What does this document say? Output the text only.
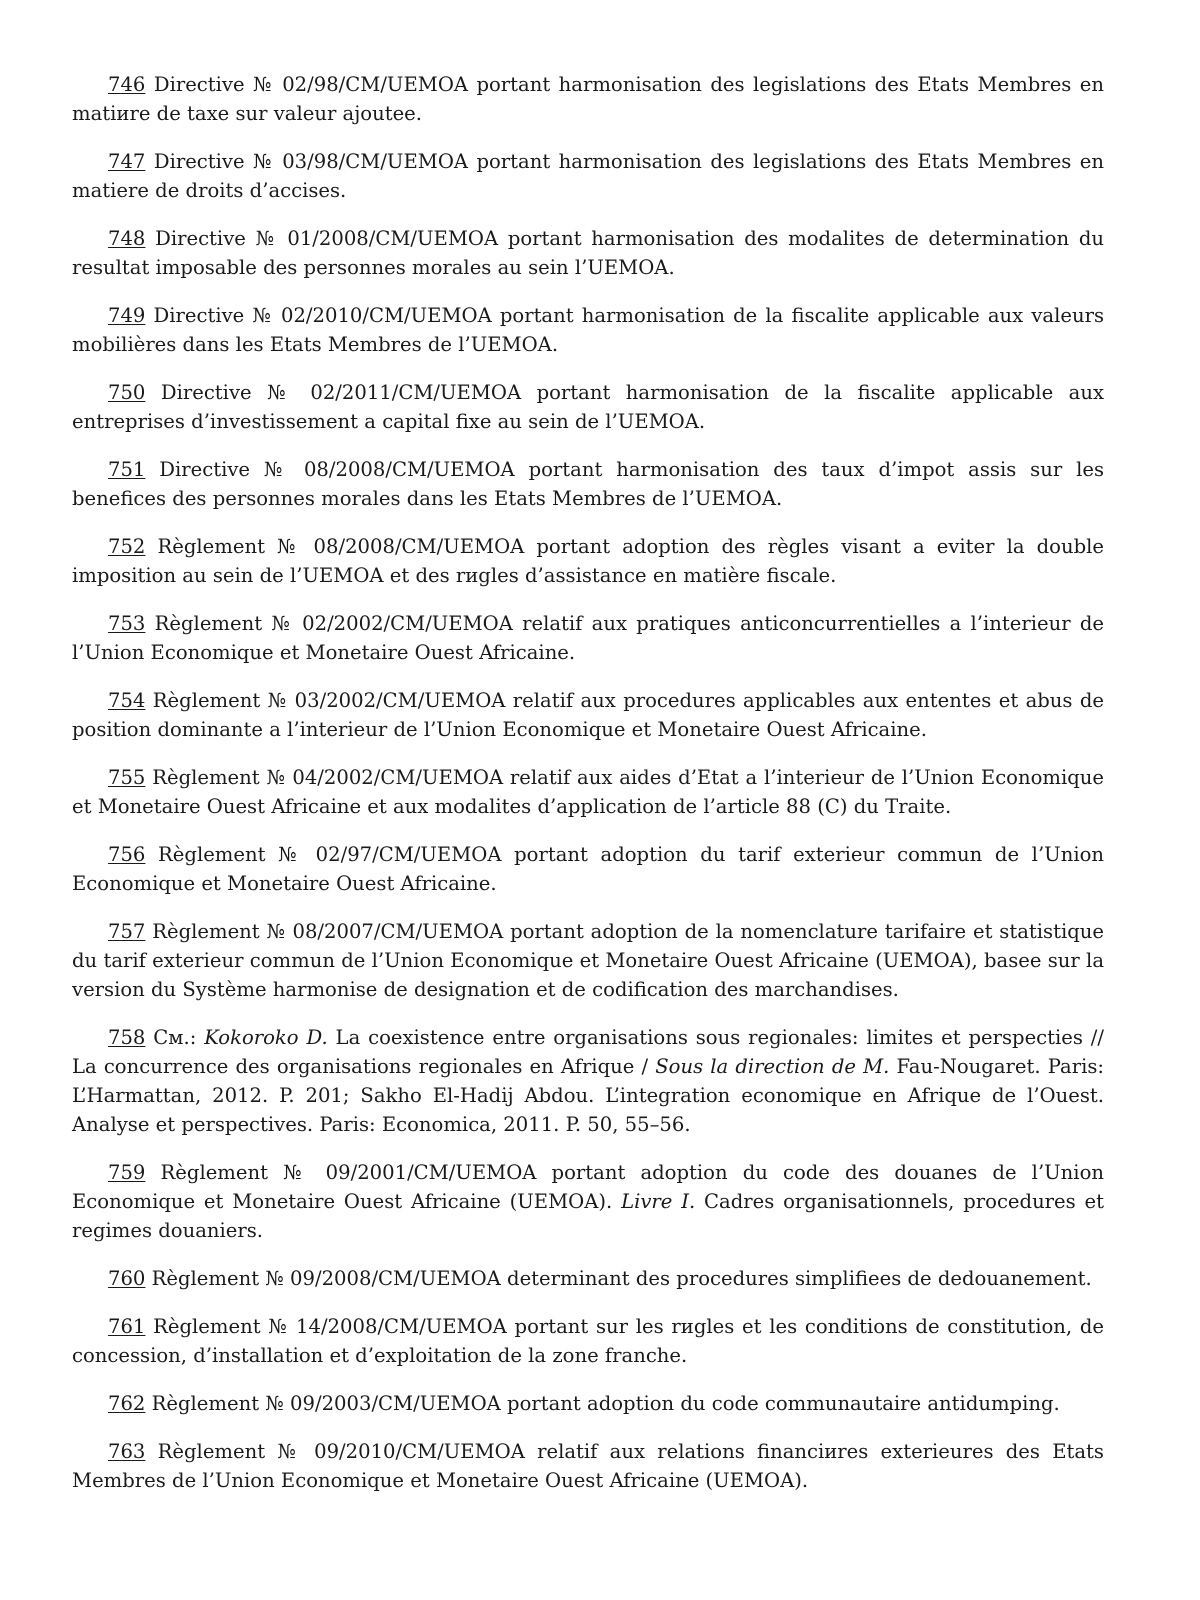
746 Directive № 02/98/CM/UEMOA portant harmonisation des legislations des Etats Membres en matiиre de taxe sur valeur ajoutee.

747 Directive № 03/98/CM/UEMOA portant harmonisation des legislations des Etats Membres en matiere de droits d’accises.

748 Directive № 01/2008/CM/UEMOA portant harmonisation des modalites de determination du resultat imposable des personnes morales au sein l’UEMOA.

749 Directive № 02/2010/CM/UEMOA portant harmonisation de la fiscalite applicable aux valeurs mobilières dans les Etats Membres de l’UEMOA.

750 Directive № 02/2011/CM/UEMOA portant harmonisation de la fiscalite applicable aux entreprises d’investissement a capital fixe au sein de l’UEMOA.

751 Directive № 08/2008/CM/UEMOA portant harmonisation des taux d’impot assis sur les benefices des personnes morales dans les Etats Membres de l’UEMOA.

752 Règlement № 08/2008/CM/UEMOA portant adoption des règles visant a eviter la double imposition au sein de l’UEMOA et des rиgles d’assistance en matière fiscale.

753 Règlement № 02/2002/CM/UEMOA relatif aux pratiques anticoncurrentielles a l’interieur de l’Union Economique et Monetaire Ouest Africaine.

754 Règlement № 03/2002/CM/UEMOA relatif aux procedures applicables aux ententes et abus de position dominante a l’interieur de l’Union Economique et Monetaire Ouest Africaine.

755 Règlement № 04/2002/CM/UEMOA relatif aux aides d’Etat a l’interieur de l’Union Economique et Monetaire Ouest Africaine et aux modalites d’application de l’article 88 (C) du Traite.

756 Règlement № 02/97/CM/UEMOA portant adoption du tarif exterieur commun de l’Union Economique et Monetaire Ouest Africaine.

757 Règlement № 08/2007/CM/UEMOA portant adoption de la nomenclature tarifaire et statistique du tarif exterieur commun de l’Union Economique et Monetaire Ouest Africaine (UEMOA), basee sur la version du Système harmonise de designation et de codification des marchandises.

758 См.: Kokoroko D. La coexistence entre organisations sous regionales: limites et perspecties // La concurrence des organisations regionales en Afrique / Sous la direction de M. Fau-Nougaret. Paris: L’Harmattan, 2012. P. 201; Sakho El-Hadij Abdou. L’integration economique en Afrique de l’Ouest. Analyse et perspectives. Paris: Economica, 2011. P. 50, 55–56.

759 Règlement № 09/2001/CM/UEMOA portant adoption du code des douanes de l’Union Economique et Monetaire Ouest Africaine (UEMOA). Livre I. Cadres organisationnels, procedures et regimes douaniers.

760 Règlement № 09/2008/CM/UEMOA determinant des procedures simplifiees de dedouanement.

761 Règlement № 14/2008/CM/UEMOA portant sur les rиgles et les conditions de constitution, de concession, d’installation et d’exploitation de la zone franche.

762 Règlement № 09/2003/CM/UEMOA portant adoption du code communautaire antidumping.

763 Règlement № 09/2010/CM/UEMOA relatif aux relations financiиres exterieures des Etats Membres de l’Union Economique et Monetaire Ouest Africaine (UEMOA).
